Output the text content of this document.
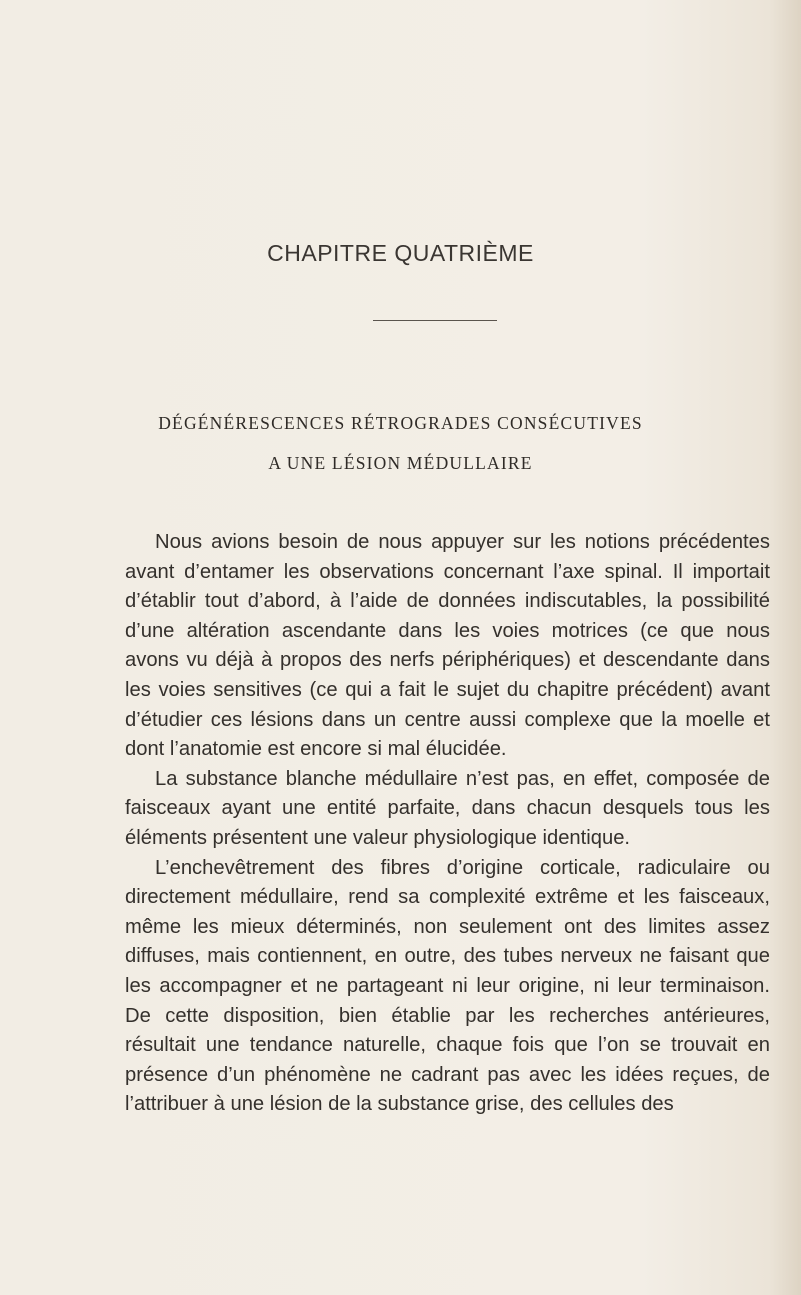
CHAPITRE QUATRIÈME
DÉGÉNÉRESCENCES RÉTROGRADES CONSÉCUTIVES
A UNE LÉSION MÉDULLAIRE

Nous avions besoin de nous appuyer sur les notions précédentes avant d’entamer les observations concernant l’axe spinal. Il importait d’établir tout d’abord, à l’aide de données indiscutables, la possibilité d’une altération ascendante dans les voies motrices (ce que nous avons vu déjà à propos des nerfs périphériques) et descendante dans les voies sensitives (ce qui a fait le sujet du chapitre précédent) avant d’étudier ces lésions dans un centre aussi complexe que la moelle et dont l’anatomie est encore si mal élucidée.

La substance blanche médullaire n’est pas, en effet, composée de faisceaux ayant une entité parfaite, dans chacun desquels tous les éléments présentent une valeur physiologique identique.

L’enchevêtrement des fibres d’origine corticale, radiculaire ou directement médullaire, rend sa complexité extrême et les faisceaux, même les mieux déterminés, non seulement ont des limites assez diffuses, mais contiennent, en outre, des tubes nerveux ne faisant que les accompagner et ne partageant ni leur origine, ni leur terminaison. De cette disposition, bien établie par les recherches antérieures, résultait une tendance naturelle, chaque fois que l’on se trouvait en présence d’un phénomène ne cadrant pas avec les idées reçues, de l’attribuer à une lésion de la substance grise, des cellules des
